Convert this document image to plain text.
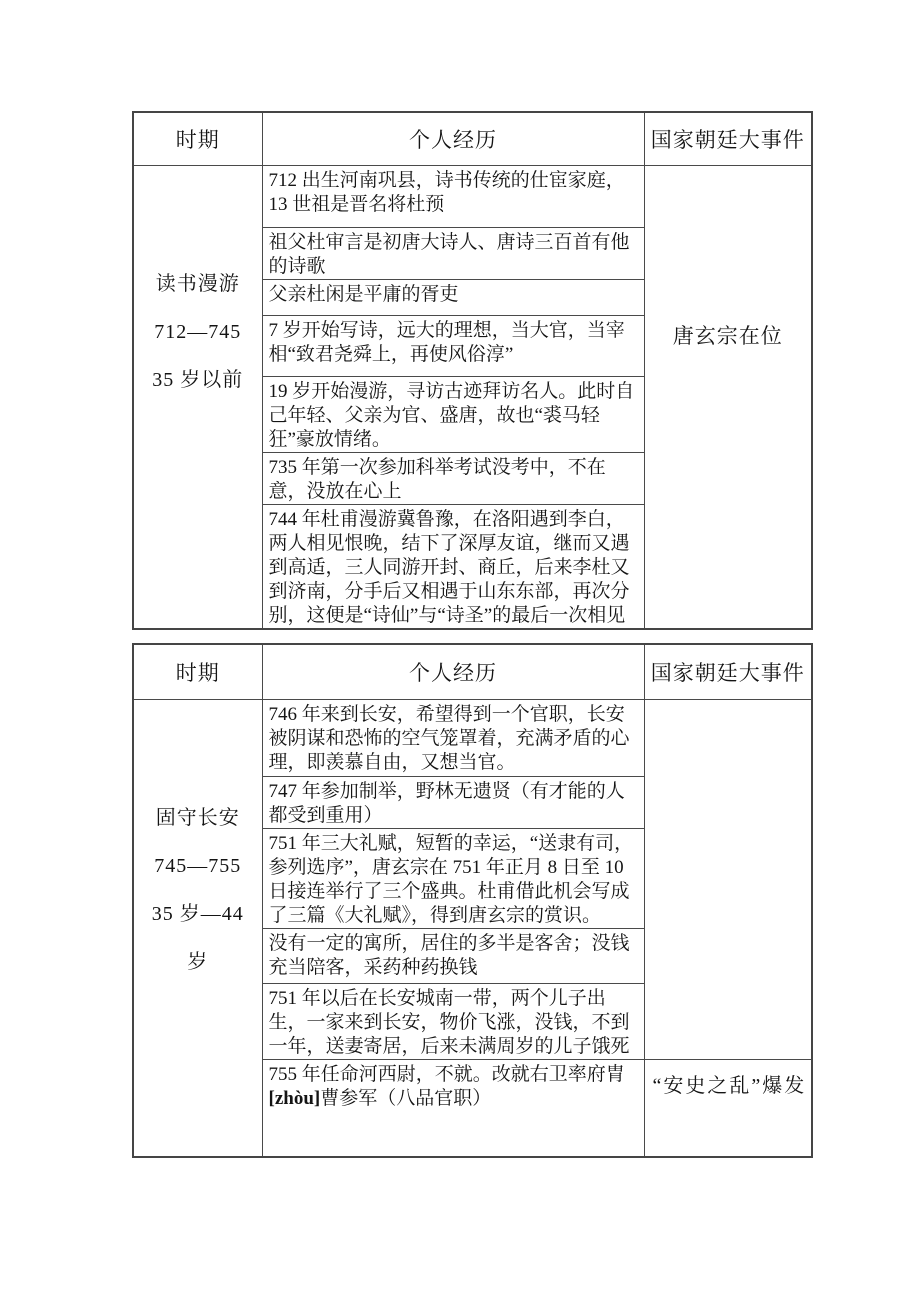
时期	个人经历	国家朝廷大事件

读书漫游
712—745
35 岁以前	712 出生河南巩县，诗书传统的仕宦家庭，13 世祖是晋名将杜预	唐玄宗在位

	祖父杜审言是初唐大诗人、唐诗三百首有他的诗歌	
	父亲杜闲是平庸的胥吏	
	7 岁开始写诗，远大的理想，当大官，当宰相“致君尧舜上，再使风俗淳”	
	19 岁开始漫游，寻访古迹拜访名人。此时自己年轻、父亲为官、盛唐，故也“裘马轻狂”豪放情绪。	
	735 年第一次参加科举考试没考中，不在意，没放在心上	
	744 年杜甫漫游冀鲁豫，在洛阳遇到李白，两人相见恨晚，结下了深厚友谊，继而又遇到高适，三人同游开封、商丘，后来李杜又到济南，分手后又相遇于山东东部，再次分别，这便是“诗仙”与“诗圣”的最后一次相见	
时期	个人经历	国家朝廷大事件

固守长安
745—755
35 岁—44岁	746 年来到长安，希望得到一个官职，长安被阴谋和恐怖的空气笼罩着，充满矛盾的心理，即羡慕自由，又想当官。	
	747 年参加制举，野林无遗贤（有才能的人都受到重用）	
	751 年三大礼赋，短暂的幸运，“送隶有司，参列选序”，唐玄宗在 751 年正月 8 日至 10 日接连举行了三个盛典。杜甫借此机会写成了三篇《大礼赋》，得到唐玄宗的赏识。	
	没有一定的寓所，居住的多半是客舍；没钱充当陪客，采药种药换钱	
	751 年以后在长安城南一带，两个儿子出生，一家来到长安，物价飞涨，没钱，不到一年，送妻寄居，后来未满周岁的儿子饿死	
	755 年任命河西尉，不就。改就右卫率府胄[zhòu]曹参军（八品官职）	“安史之乱”爆发
